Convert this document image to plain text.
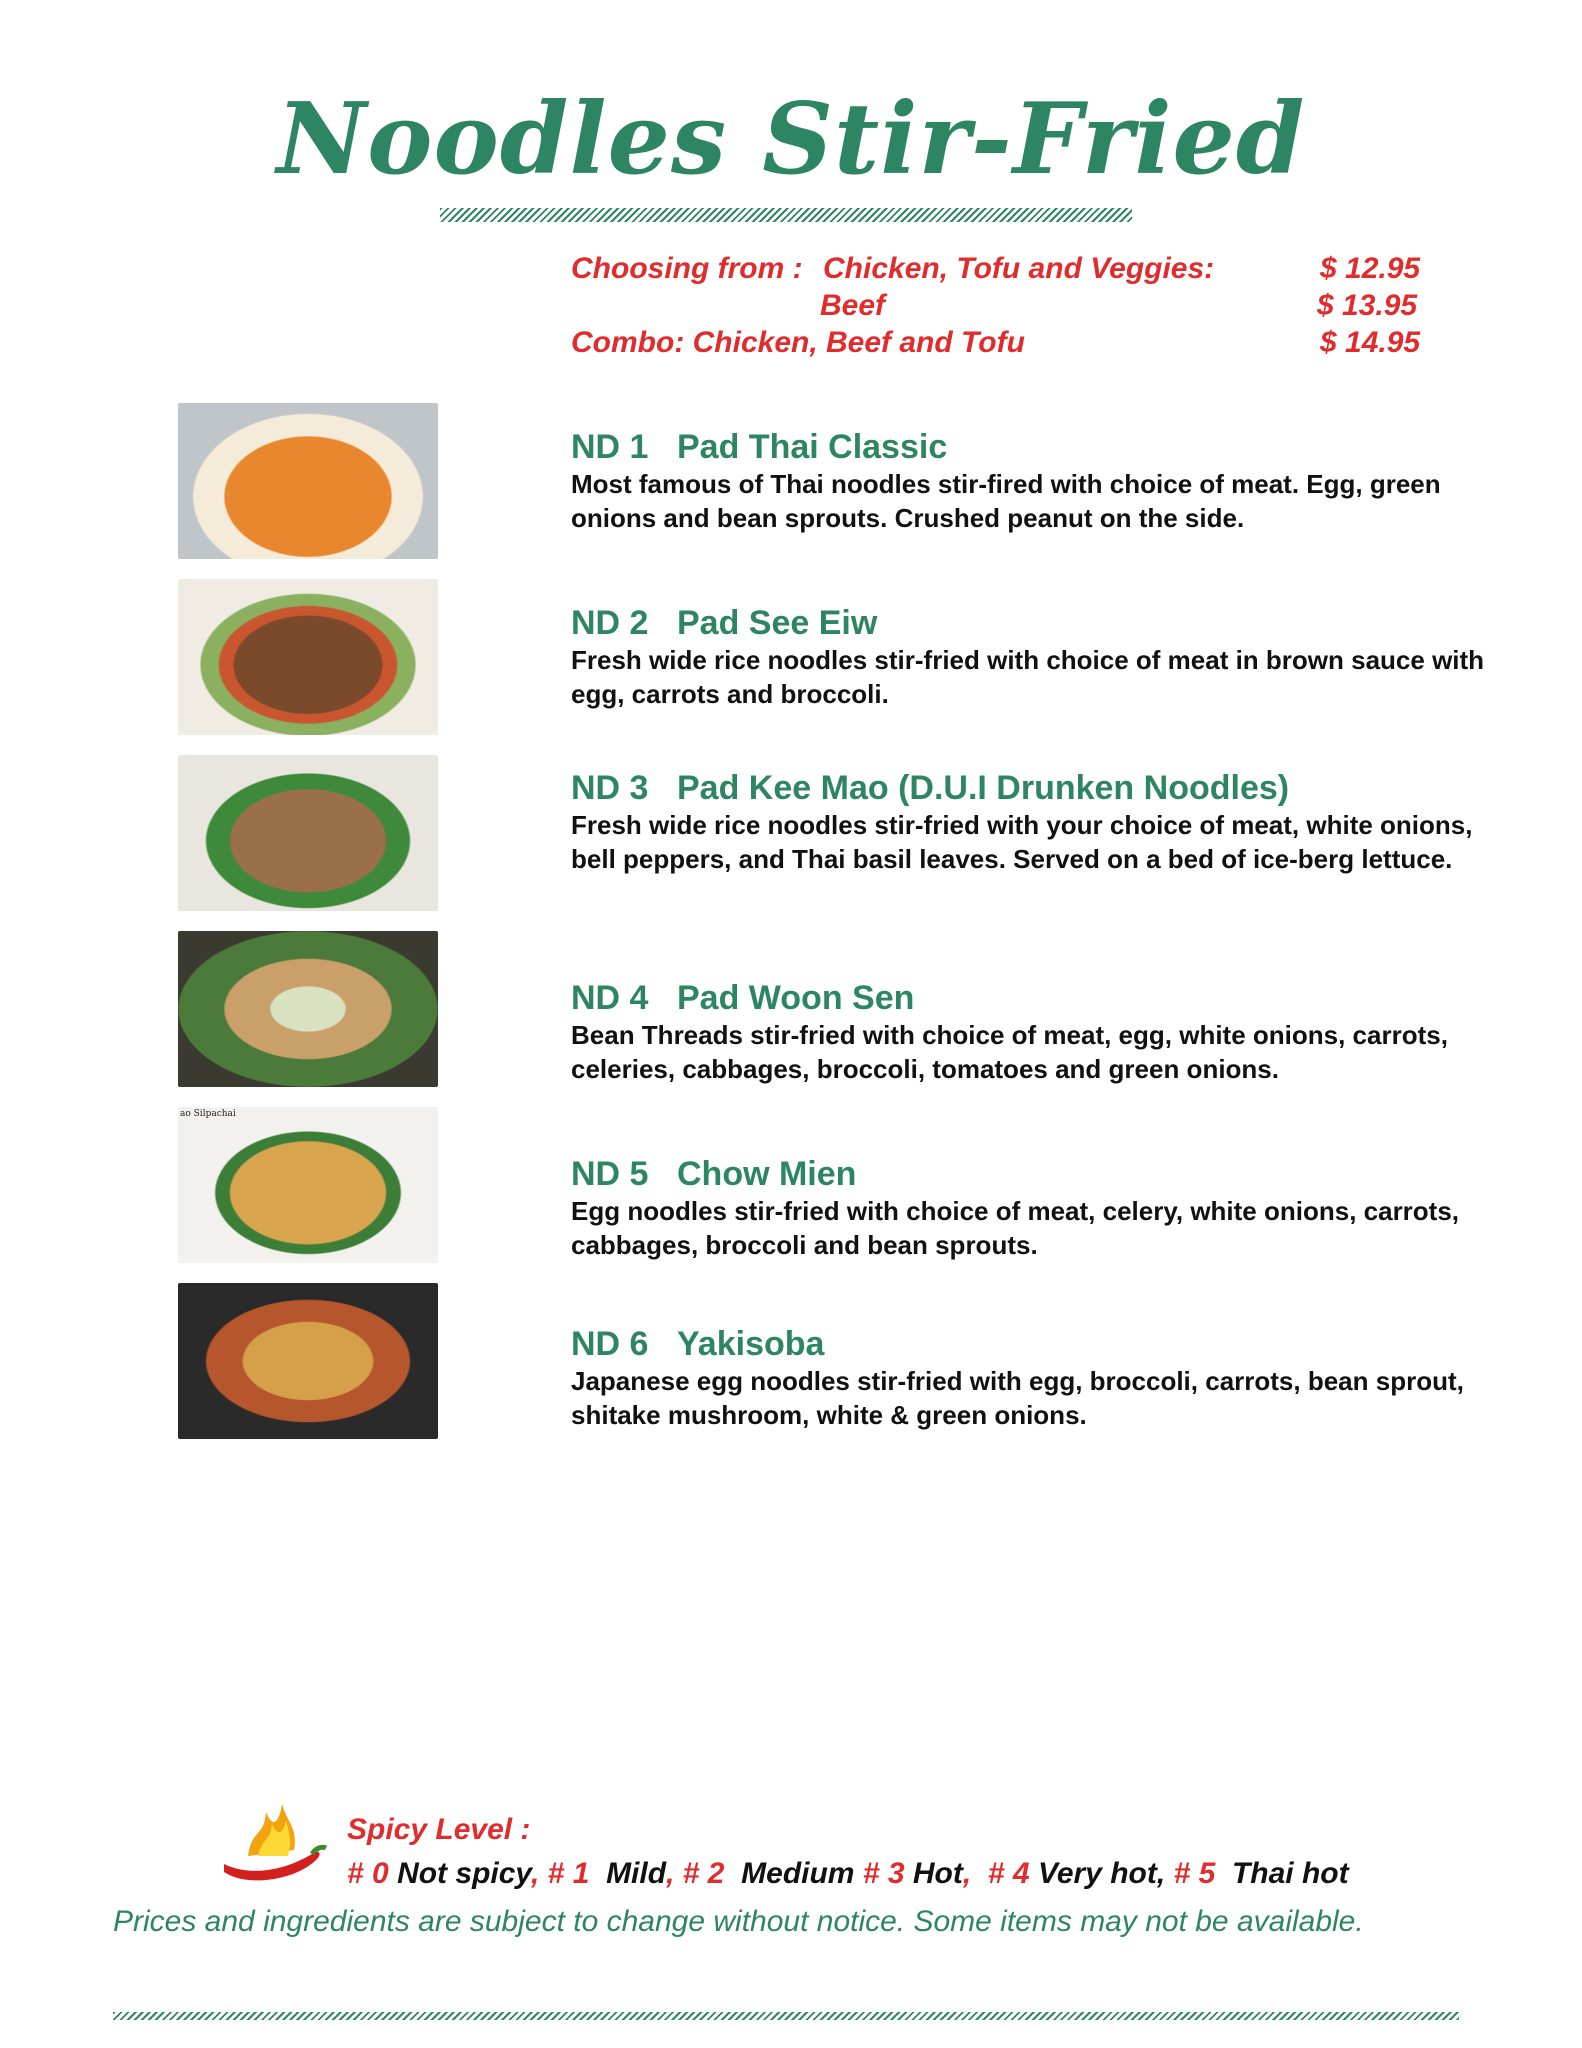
Noodles Stir-Fried
Choosing from : Chicken, Tofu and Veggies:	$ 12.95
Beef	$ 13.95
Combo: Chicken, Beef and Tofu	$ 14.95
ao Silpachai
ND 1 Pad Thai Classic
Most famous of Thai noodles stir-fired with choice of meat. Egg, green onions and bean sprouts. Crushed peanut on the side.
ND 2 Pad See Eiw
Fresh wide rice noodles stir-fried with choice of meat in brown sauce with egg, carrots and broccoli.
ND 3 Pad Kee Mao (D.U.I Drunken Noodles)
Fresh wide rice noodles stir-fried with your choice of meat, white onions, bell peppers, and Thai basil leaves. Served on a bed of ice-berg lettuce.
ND 4 Pad Woon Sen
Bean Threads stir-fried with choice of meat, egg, white onions, carrots, celeries, cabbages, broccoli, tomatoes and green onions.
ND 5 Chow Mien
Egg noodles stir-fried with choice of meat, celery, white onions, carrots, cabbages, broccoli and bean sprouts.
ND 6 Yakisoba
Japanese egg noodles stir-fried with egg, broccoli, carrots, bean sprout, shitake mushroom, white & green onions.
Spicy Level :
# 0 Not spicy, # 1 Mild, # 2 Medium # 3 Hot, # 4 Very hot, # 5 Thai hot
Prices and ingredients are subject to change without notice. Some items may not be available.
